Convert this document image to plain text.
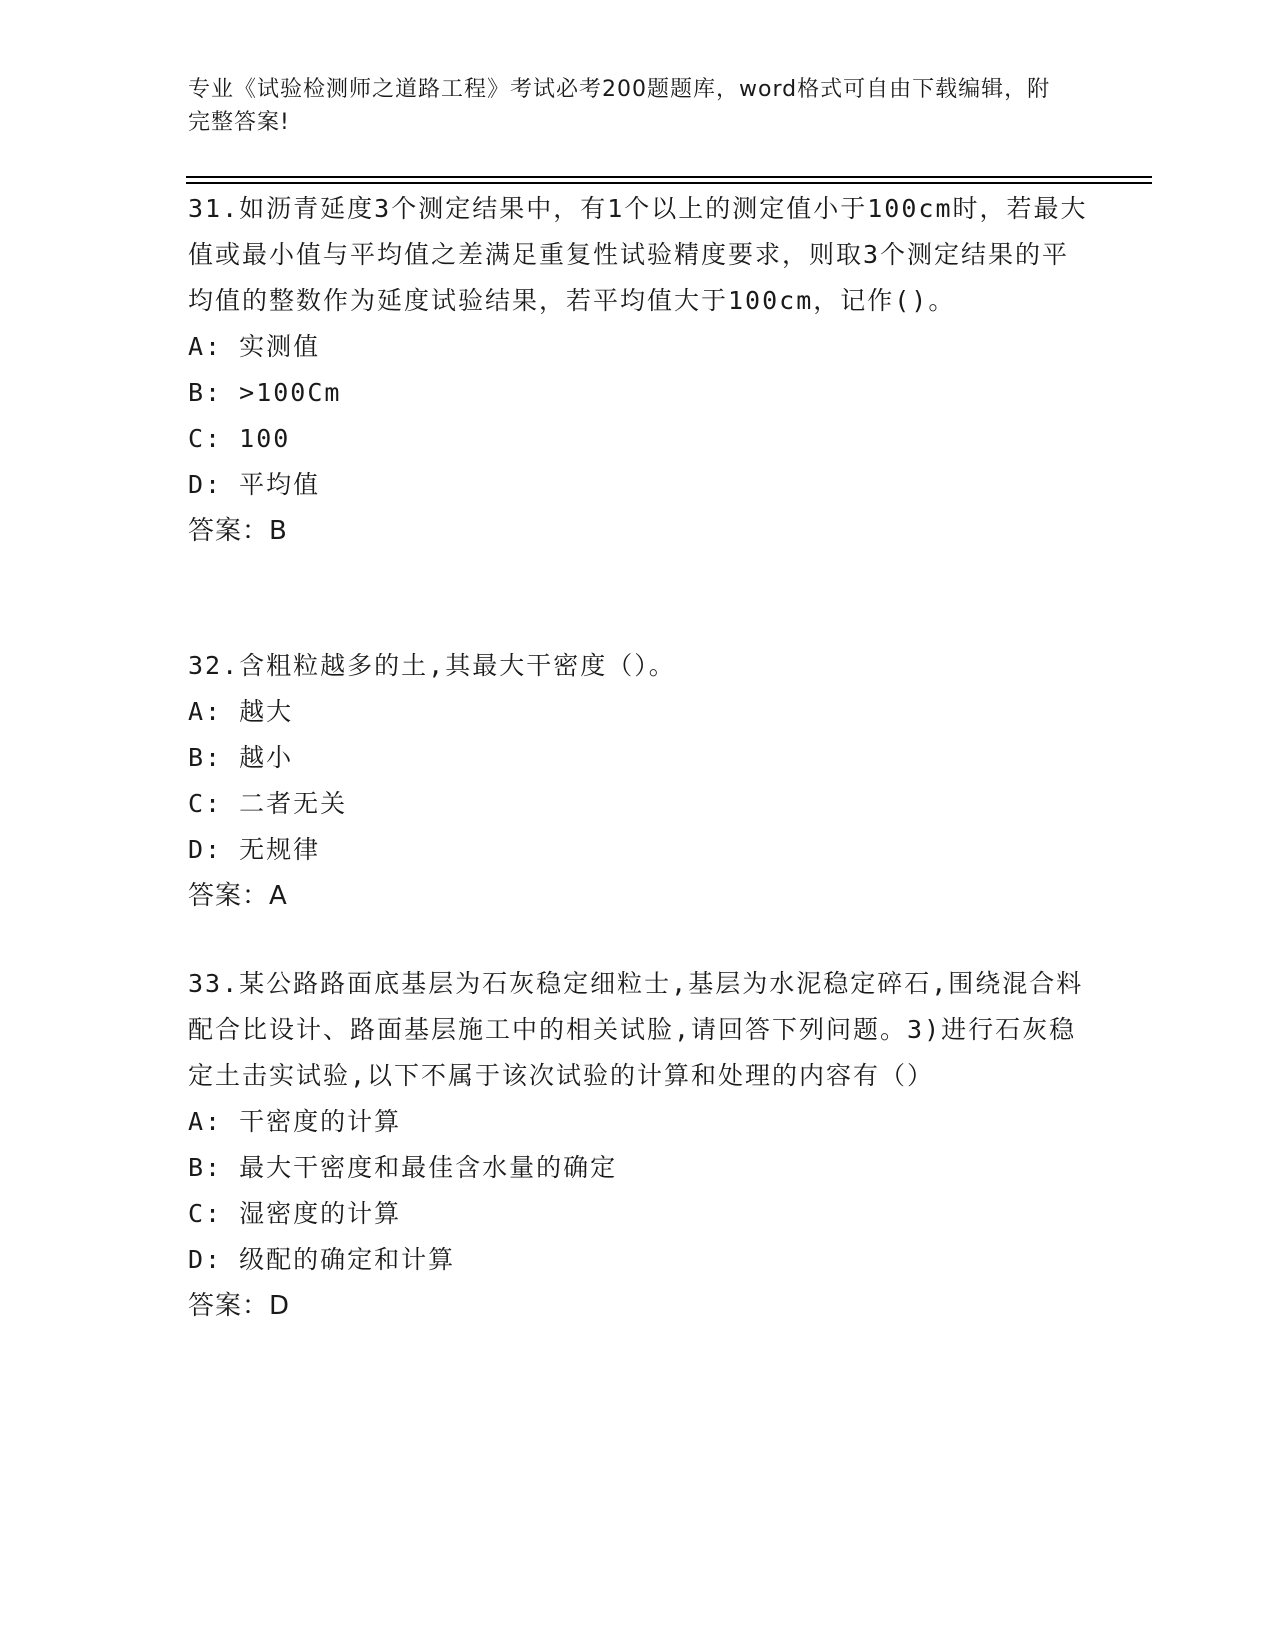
专业《试验检测师之道路工程》考试必考200题题库，word格式可自由下载编辑，附完整答案!
31.如沥青延度3个测定结果中，有1个以上的测定值小于100cm时，若最大值或最小值与平均值之差满足重复性试验精度要求，则取3个测定结果的平均值的整数作为延度试验结果，若平均值大于100cm，记作()。
A: 实测值
B: >100Cm
C: 100
D: 平均值
答案：B
32.含粗粒越多的土,其最大干密度（）。
A: 越大
B: 越小
C: 二者无关
D: 无规律
答案：A
33.某公路路面底基层为石灰稳定细粒士,基层为水泥稳定碎石,围绕混合料配合比设计、路面基层施工中的相关试脸,请回答下列问题。3)进行石灰稳定土击实试验,以下不属于该次试验的计算和处理的内容有（）
A: 干密度的计算
B: 最大干密度和最佳含水量的确定
C: 湿密度的计算
D: 级配的确定和计算
答案：D
